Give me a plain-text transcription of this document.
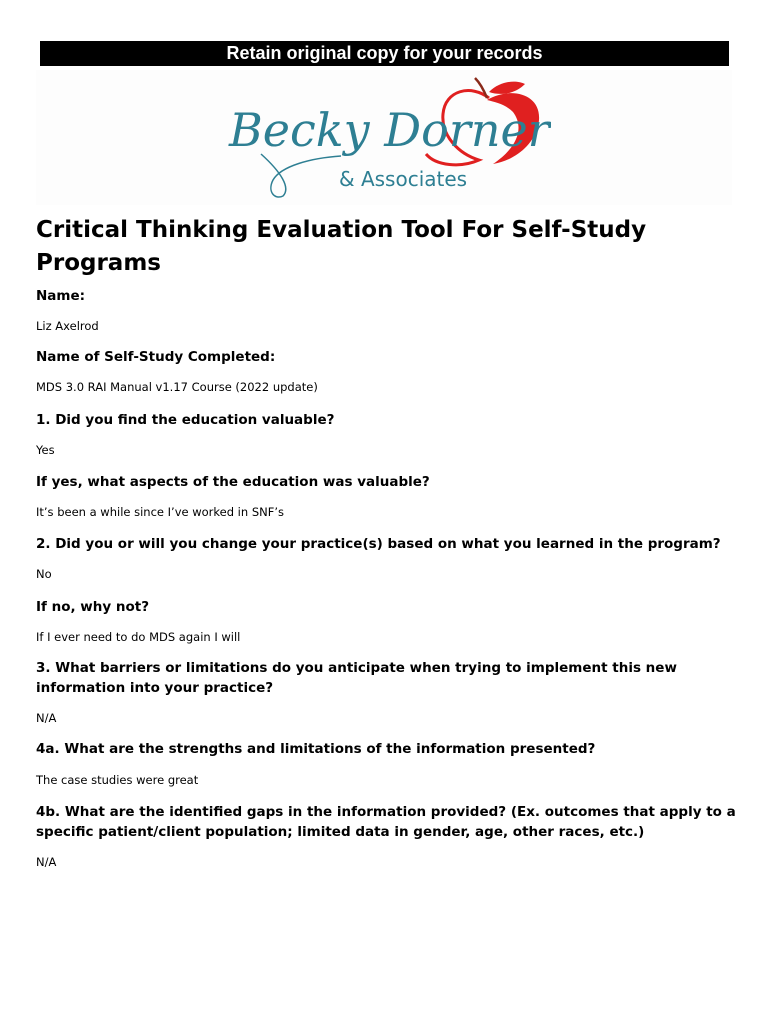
Retain original copy for your records
Becky Dorner
& Associates
Critical Thinking Evaluation Tool For Self-Study Programs

Name:

Liz Axelrod

Name of Self-Study Completed:

MDS 3.0 RAI Manual v1.17 Course (2022 update)

1. Did you find the education valuable?

Yes

If yes, what aspects of the education was valuable?

It’s been a while since I’ve worked in SNF’s

2. Did you or will you change your practice(s) based on what you learned in the program?

No

If no, why not?

If I ever need to do MDS again I will

3. What barriers or limitations do you anticipate when trying to implement this new information into your practice?

N/A

4a. What are the strengths and limitations of the information presented?

The case studies were great

4b. What are the identified gaps in the information provided? (Ex. outcomes that apply to a specific patient/client population; limited data in gender, age, other races, etc.)

N/A
